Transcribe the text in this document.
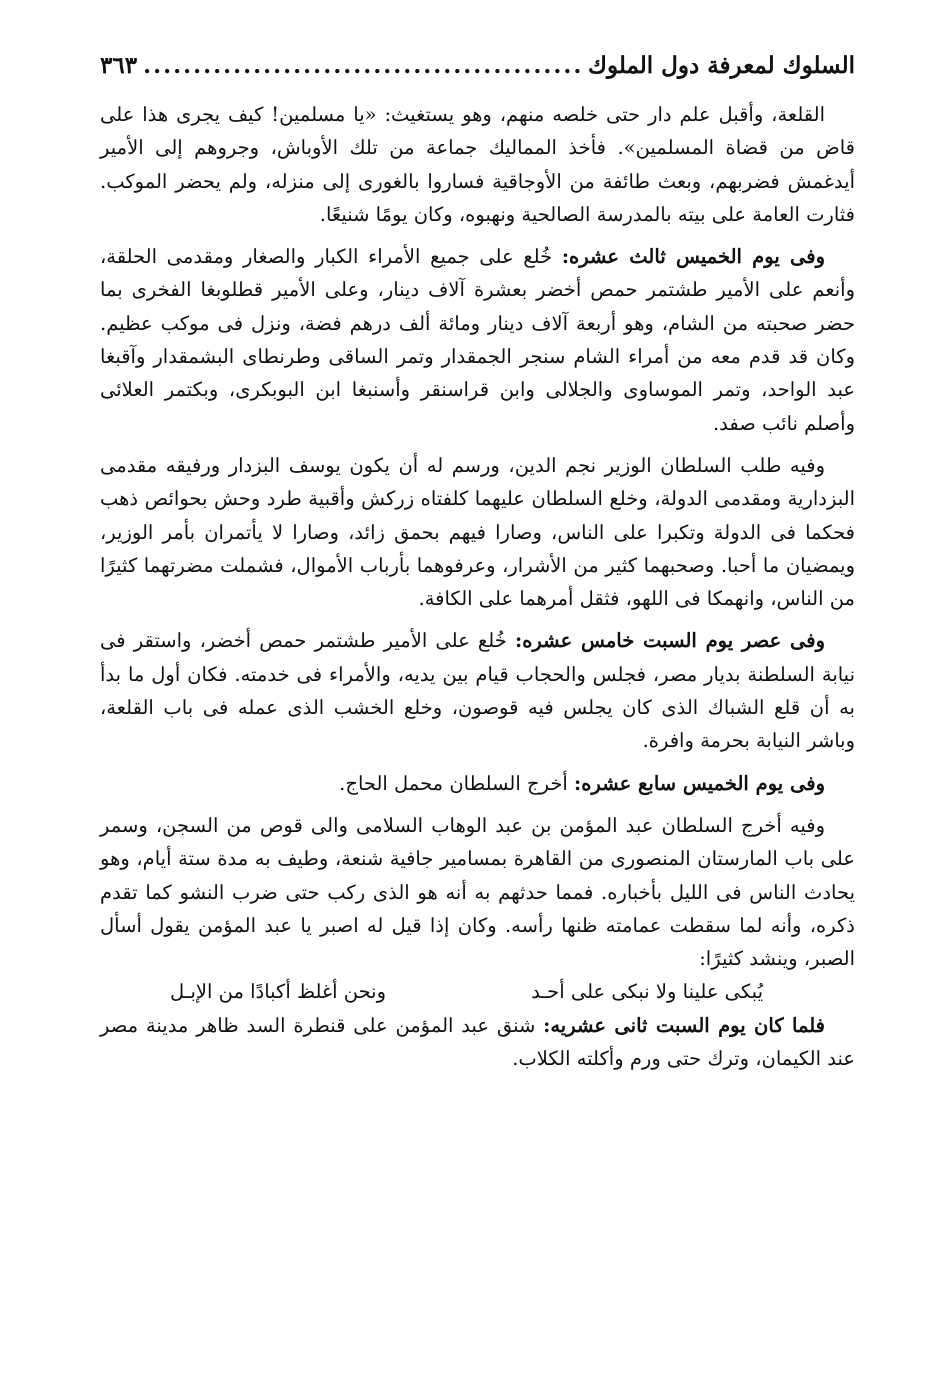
السلوك لمعرفة دول الملوك
.....
٣٦٣

القلعة، وأقبل علم دار حتى خلصه منهم، وهو يستغيث: «يا مسلمين! كيف يجرى هذا على قاض من قضاة المسلمين». فأخذ المماليك جماعة من تلك الأوباش، وجروهم إلى الأمير أيدغمش فضربهم، وبعث طائفة من الأوجاقية فساروا بالغورى إلى منزله، ولم يحضر الموكب. فثارت العامة على بيته بالمدرسة الصالحية ونهبوه، وكان يومًا شنيعًا.

وفى يوم الخميس ثالث عشره: خُلع على جميع الأمراء الكبار والصغار ومقدمى الحلقة، وأنعم على الأمير طشتمر حمص أخضر بعشرة آلاف دينار، وعلى الأمير قطلوبغا الفخرى بما حضر صحبته من الشام، وهو أربعة آلاف دينار ومائة ألف درهم فضة، ونزل فى موكب عظيم. وكان قد قدم معه من أمراء الشام سنجر الجمقدار وتمر الساقى وطرنطاى البشمقدار وآقبغا عبد الواحد، وتمر الموساوى والجلالى وابن قراسنقر وأسنبغا ابن البوبكرى، وبكتمر العلائى وأصلم نائب صفد.

وفيه طلب السلطان الوزير نجم الدين، ورسم له أن يكون يوسف البزدار ورفيقه مقدمى البزدارية ومقدمى الدولة، وخلع السلطان عليهما كلفتاه زركش وأقبية طرد وحش بحوائص ذهب فحكما فى الدولة وتكبرا على الناس، وصارا فيهم بحمق زائد، وصارا لا يأتمران بأمر الوزير، ويمضيان ما أحبا. وصحبهما كثير من الأشرار، وعرفوهما بأرباب الأموال، فشملت مضرتهما كثيرًا من الناس، وانهمكا فى اللهو، فثقل أمرهما على الكافة.

وفى عصر يوم السبت خامس عشره: خُلع على الأمير طشتمر حمص أخضر، واستقر فى نيابة السلطنة بديار مصر، فجلس والحجاب قيام بين يديه، والأمراء فى خدمته. فكان أول ما بدأ به أن قلع الشباك الذى كان يجلس فيه قوصون، وخلع الخشب الذى عمله فى باب القلعة، وباشر النيابة بحرمة وافرة.

وفى يوم الخميس سابع عشره: أخرج السلطان محمل الحاج.

وفيه أخرج السلطان عبد المؤمن بن عبد الوهاب السلامى والى قوص من السجن، وسمر على باب المارستان المنصورى من القاهرة بمسامير جافية شنعة، وطيف به مدة ستة أيام، وهو يحادث الناس فى الليل بأخباره. فمما حدثهم به أنه هو الذى ركب حتى ضرب النشو كما تقدم ذكره، وأنه لما سقطت عمامته ظنها رأسه. وكان إذا قيل له اصبر يا عبد المؤمن يقول أسأل الصبر، وينشد كثيرًا:

يُبكى علينا ولا نبكى على أحـد
ونحن أغلظ أكبادًا من الإبـل

فلما كان يوم السبت ثانى عشريه: شنق عبد المؤمن على قنطرة السد ظاهر مدينة مصر عند الكيمان، وترك حتى ورم وأكلته الكلاب.
